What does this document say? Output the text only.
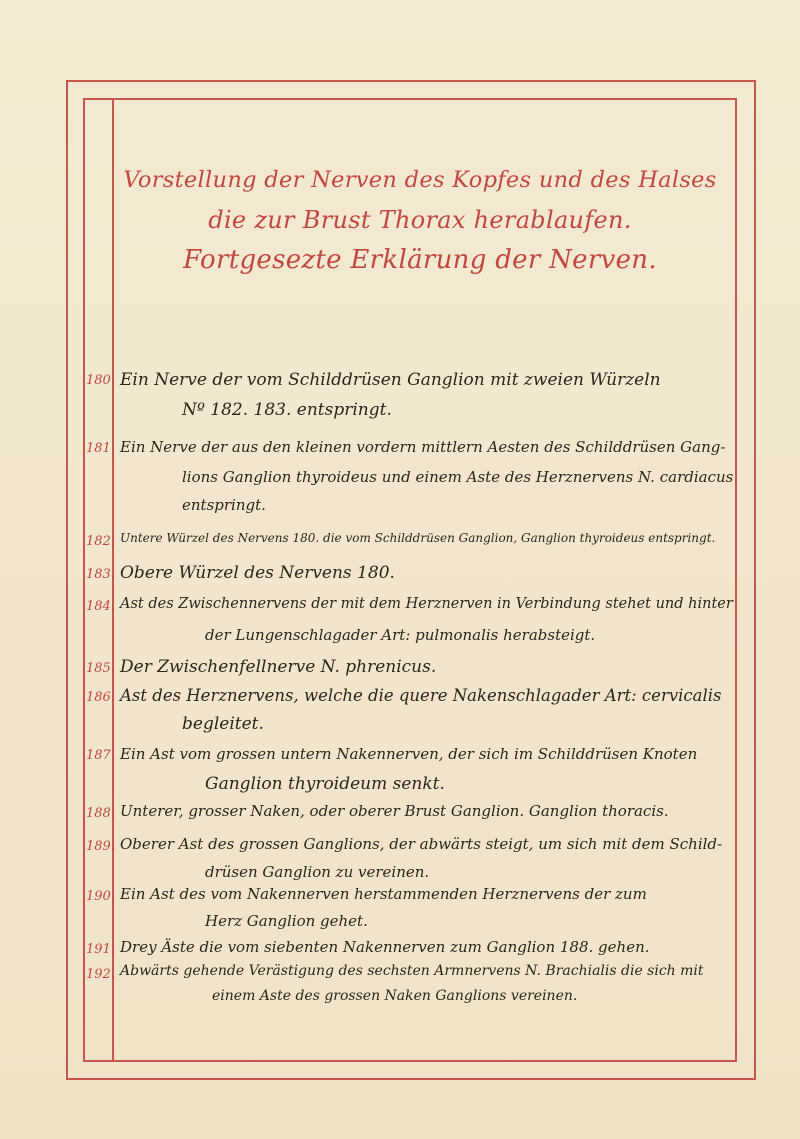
Vorstellung der Nerven des Kopfes und des Halses
die zur Brust Thorax herablaufen.
Fortgesezte Erklärung der Nerven.
180. Ein Nerve der vom Schilddrüsen Ganglion mit zweien Würzeln
Nº 182. 183. entspringt.
181. Ein Nerve der aus den kleinen vordern mittlern Aesten des Schilddrüsen Gang-
lions Ganglion thyroideus und einem Aste des Herznervens N. cardiacus
entspringt.
182. Untere Würzel des Nervens 180. die vom Schilddrüsen Ganglion, Ganglion thyroideus entspringt.
183. Obere Würzel des Nervens 180.
184. Ast des Zwischennervens der mit dem Herznerven in Verbindung stehet und hinter
der Lungenschlagader Art: pulmonalis herabsteigt.
185. Der Zwischenfellnerve N. phrenicus.
186. Ast des Herznervens, welche die quere Nakenschlagader Art: cervicalis
begleitet.
187. Ein Ast vom grossen untern Nakennerven, der sich im Schilddrüsen Knoten
Ganglion thyroideum senkt.
188. Unterer, grosser Naken, oder oberer Brust Ganglion. Ganglion thoracis.
189. Oberer Ast des grossen Ganglions, der abwärts steigt, um sich mit dem Schild-
drüsen Ganglion zu vereinen.
190. Ein Ast des vom Nakennerven herstammenden Herznervens der zum
Herz Ganglion gehet.
191. Drey Äste die vom siebenten Nakennerven zum Ganglion 188. gehen.
192. Abwärts gehende Verästigung des sechsten Armnervens N. Brachialis die sich mit
einem Aste des grossen Naken Ganglions vereinen.
